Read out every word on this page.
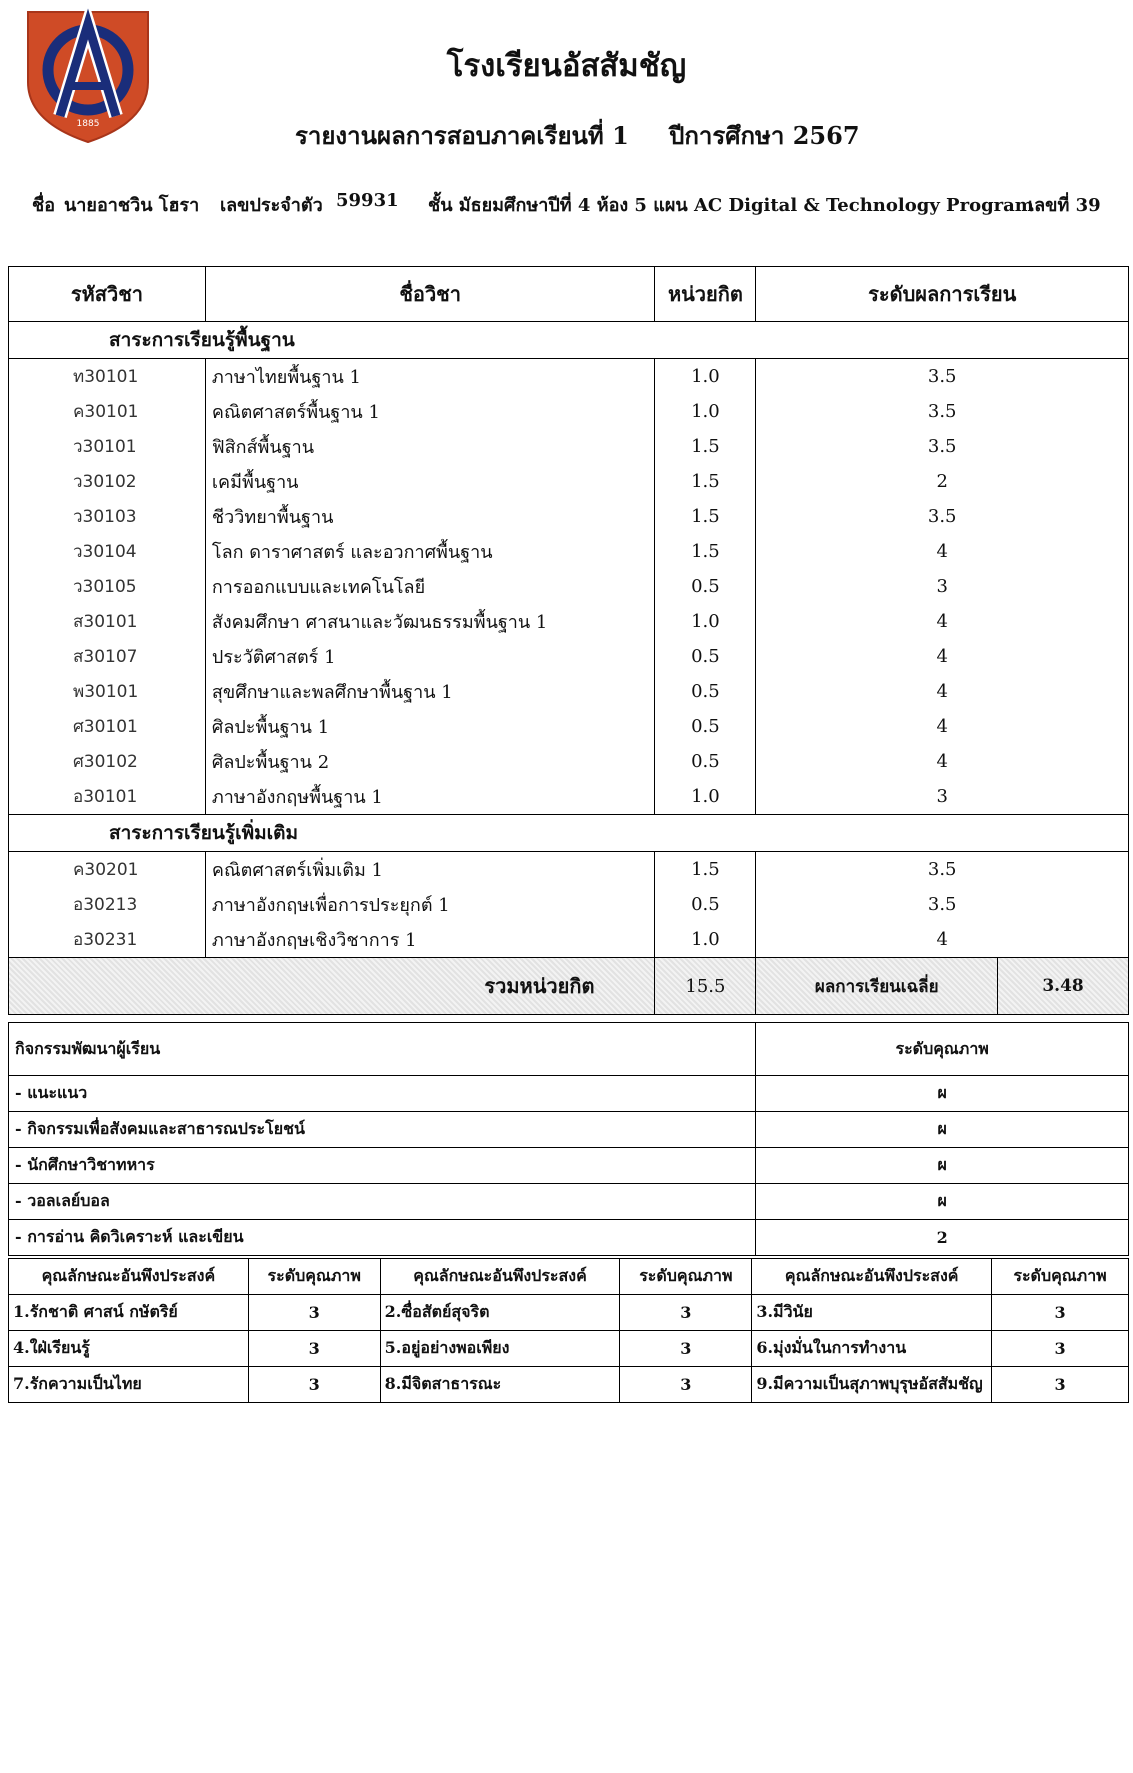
1885
โรงเรียนอัสสัมชัญ
รายงานผลการสอบภาคเรียนที่ 1 ปีการศึกษา 2567
ชื่อ นายอาชวิน โฮรา เลขประจำตัว 59931 ชั้น มัธยมศึกษาปีที่ 4 ห้อง 5 แผน AC Digital & Technology Program
เลขที่ 39
รหัสวิชา	ชื่อวิชา	หน่วยกิต	ระดับผลการเรียน	
สาระการเรียนรู้พื้นฐาน				
ท30101	ภาษาไทยพื้นฐาน 1	1.0	3.5	
ค30101	คณิตศาสตร์พื้นฐาน 1	1.0	3.5	
ว30101	ฟิสิกส์พื้นฐาน	1.5	3.5	
ว30102	เคมีพื้นฐาน	1.5	2	
ว30103	ชีววิทยาพื้นฐาน	1.5	3.5	
ว30104	โลก ดาราศาสตร์ และอวกาศพื้นฐาน	1.5	4	
ว30105	การออกแบบและเทคโนโลยี	0.5	3	
ส30101	สังคมศึกษา ศาสนาและวัฒนธรรมพื้นฐาน 1	1.0	4	
ส30107	ประวัติศาสตร์ 1	0.5	4	
พ30101	สุขศึกษาและพลศึกษาพื้นฐาน 1	0.5	4	
ศ30101	ศิลปะพื้นฐาน 1	0.5	4	
ศ30102	ศิลปะพื้นฐาน 2	0.5	4	
อ30101	ภาษาอังกฤษพื้นฐาน 1	1.0	3	
สาระการเรียนรู้เพิ่มเติม				
ค30201	คณิตศาสตร์เพิ่มเติม 1	1.5	3.5	
อ30213	ภาษาอังกฤษเพื่อการประยุกต์ 1	0.5	3.5	
อ30231	ภาษาอังกฤษเชิงวิชาการ 1	1.0	4	
รวมหน่วยกิต		15.5	ผลการเรียนเฉลี่ย	3.48
กิจกรรมพัฒนาผู้เรียน	ระดับคุณภาพ
- แนะแนว	ผ
- กิจกรรมเพื่อสังคมและสาธารณประโยชน์	ผ
- นักศึกษาวิชาทหาร	ผ
- วอลเลย์บอล	ผ
- การอ่าน คิดวิเคราะห์ และเขียน	2
คุณลักษณะอันพึงประสงค์	ระดับคุณภาพ	คุณลักษณะอันพึงประสงค์	ระดับคุณภาพ	คุณลักษณะอันพึงประสงค์	ระดับคุณภาพ
1.รักชาติ ศาสน์ กษัตริย์	3	2.ซื่อสัตย์สุจริต	3	3.มีวินัย	3
4.ใฝ่เรียนรู้	3	5.อยู่อย่างพอเพียง	3	6.มุ่งมั่นในการทำงาน	3
7.รักความเป็นไทย	3	8.มีจิตสาธารณะ	3	9.มีความเป็นสุภาพบุรุษอัสสัมชัญ	3
